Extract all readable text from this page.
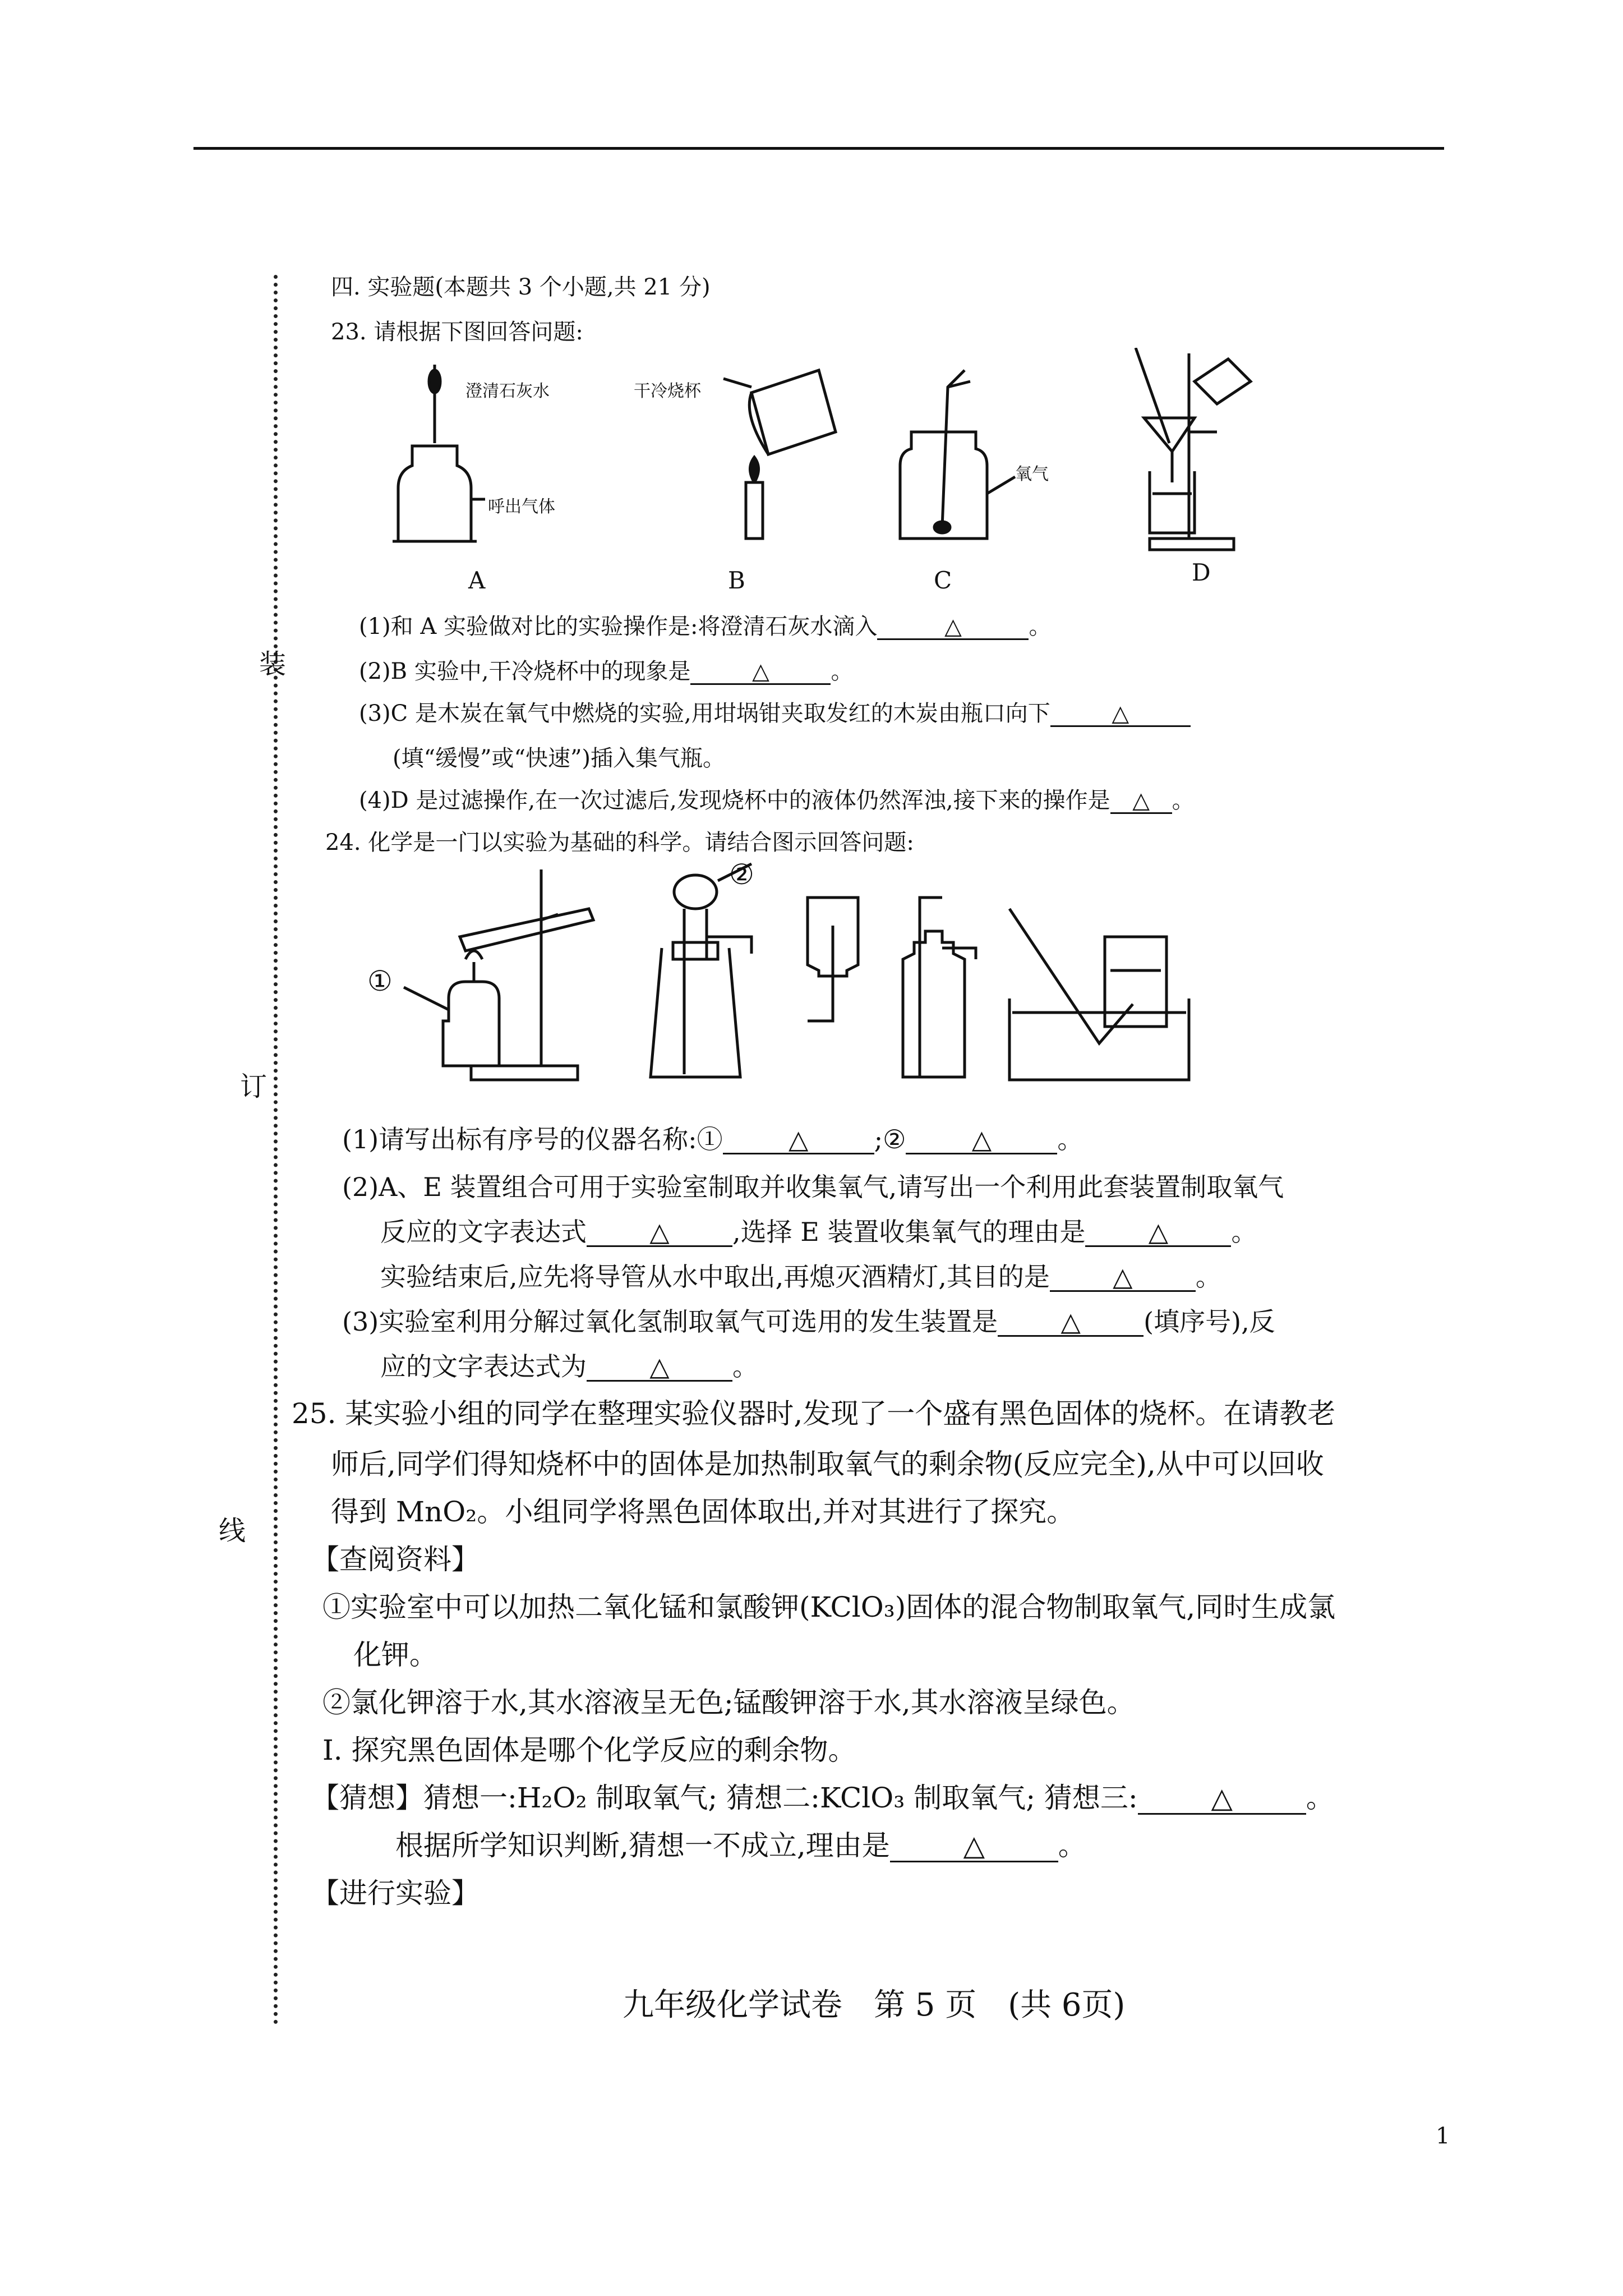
装
订
线
四. 实验题(本题共 3 个小题,共 21 分)
23. 请根据下图回答问题:
澄清石灰水
呼出气体
干冷烧杯
氧气
A	B	C	D
(1)和 A 实验做对比的实验操作是:将澄清石灰水滴入	△	。
(2)B 实验中,干冷烧杯中的现象是	△	。
(3)C 是木炭在氧气中燃烧的实验,用坩埚钳夹取发红的木炭由瓶口向下	△
(填“缓慢”或“快速”)插入集气瓶。
(4)D 是过滤操作,在一次过滤后,发现烧杯中的液体仍然浑浊,接下来的操作是 △ 。
24. 化学是一门以实验为基础的科学。请结合图示回答问题:
①
②
(1)请写出标有序号的仪器名称:①	△	;②	△	。
(2)A、E 装置组合可用于实验室制取并收集氧气,请写出一个利用此套装置制取氧气
反应的文字表达式 △ ,选择 E 装置收集氧气的理由是 △ 。
实验结束后,应先将导管从水中取出,再熄灭酒精灯,其目的是 △ 。
(3)实验室利用分解过氧化氢制取氧气可选用的发生装置是 △ (填序号),反
应的文字表达式为 △ 。
25. 某实验小组的同学在整理实验仪器时,发现了一个盛有黑色固体的烧杯。在请教老
师后,同学们得知烧杯中的固体是加热制取氧气的剩余物(反应完全),从中可以回收
得到 MnO₂。小组同学将黑色固体取出,并对其进行了探究。
【查阅资料】
①实验室中可以加热二氧化锰和氯酸钾(KClO₃)固体的混合物制取氧气,同时生成氯
化钾。
②氯化钾溶于水,其水溶液呈无色;锰酸钾溶于水,其水溶液呈绿色。
Ⅰ. 探究黑色固体是哪个化学反应的剩余物。
【猜想】猜想一:H₂O₂ 制取氧气; 猜想二:KClO₃ 制取氧气; 猜想三:	△	。
根据所学知识判断,猜想一不成立,理由是	△	。
【进行实验】
九年级化学试卷　第 5 页　(共 6页)
1
